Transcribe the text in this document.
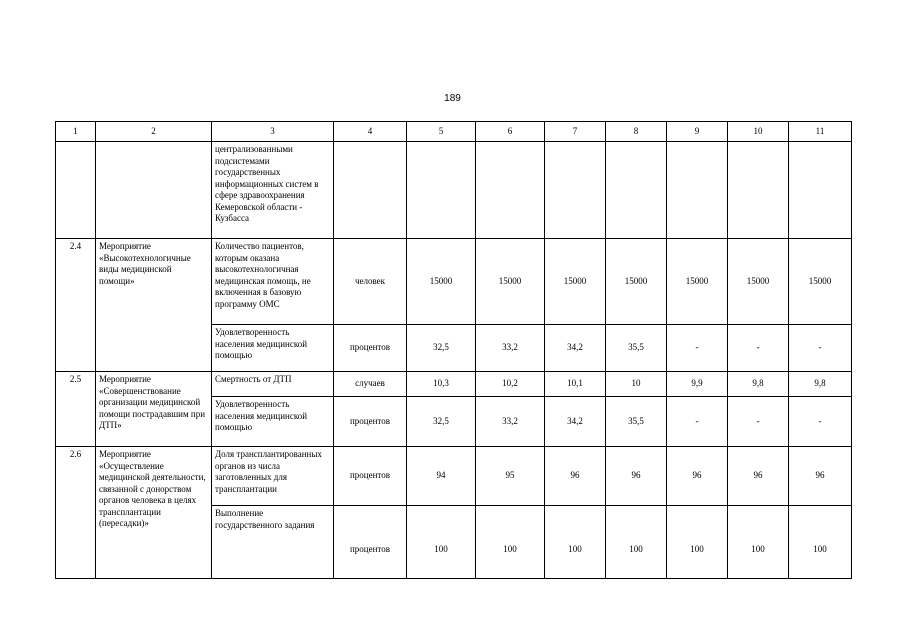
189
1	2	3	4	5	6	7	8	9	10	11
		централизованными подсистемами государственных информационных систем в сфере здравоохранения Кемеровской области - Кузбасса								
2.4	Мероприятие «Высокотехнологичные виды медицинской помощи»	Количество пациентов, которым оказана высокотехнологичная медицинская помощь, не включенная в базовую программу ОМС	человек	15000	15000	15000	15000	15000	15000	15000
		Удовлетворенность населения медицинской помощью	процентов	32,5	33,2	34,2	35,5	-	-	-
2.5	Мероприятие «Совершенствование организации медицинской помощи пострадавшим при ДТП»	Смертность от ДТП	случаев	10,3	10,2	10,1	10	9,9	9,8	9,8
		Удовлетворенность населения медицинской помощью	процентов	32,5	33,2	34,2	35,5	-	-	-
2.6	Мероприятие «Осуществление медицинской деятельности, связанной с донорством органов человека в целях трансплантации (пересадки)»	Доля трансплантированных органов из числа заготовленных для трансплантации	процентов	94	95	96	96	96	96	96
		Выполнение государственного задания	процентов	100	100	100	100	100	100	100
